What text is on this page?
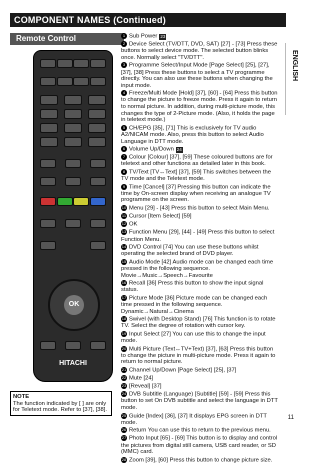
COMPONENT NAMES (Continued)
ENGLISH
Remote Control
OK
HITACHI
1 Sub Power 23
2 Device Select (TV/DTT, DVD, SAT) [27] - [73] Press these buttons to select device mode. The selected button blinks once. Normally select "TV/DTT".
3 Programme Select/Input Mode [Page Select] [25], [27], [37], [38] Press these buttons to select a TV programme directly. You can also use these buttons when changing the input mode.
4 Freeze/Multi Mode [Hold] [37], [60] - [64] Press this button to change the picture to freeze mode. Press it again to return to normal picture. In addition, during multi-picture mode, this changes the type of 2-Picture mode. (Also, it holds the page in teletext mode.)
5 CH/EPG [35], [71] This is exclusively for TV audio A2/NICAM mode. Also, press this button to select Audio Language in DTT mode.
6 Volume Up/Down 24
7 Colour [Colour] [37], [59] These coloured buttons are for teletext and other functions as detailed later in this book.
8 TV/Text [TV↔Text] [37], [59] This switches between the TV mode and the Teletext mode.
9 Time [Cancel] [37] Pressing this button can indicate the time by On-screen display when receiving an analogue TV programme on the screen.
10 Menu [29] - [43] Press this button to select Main Menu.
11 Cursor [Item Select] [59]
12 OK
13 Function Menu [29], [44] - [49] Press this button to select Function Menu.
14 DVD Control [74] You can use these buttons whilst operating the selected brand of DVD player.
15 Audio Mode [42] Audio mode can be changed each time pressed in the following sequence. Movie→Music→Speech→Favourite
16 Recall [36] Press this button to show the input signal status.
17 Picture Mode [36] Picture mode can be changed each time pressed in the following sequence. Dynamic→Natural→Cinema
18 Swivel (with Desktop Stand) [76] This function is to rotate TV. Select the degree of rotation with cursor key.
19 Input Select [27] You can use this to change the input mode.
20 Multi Picture (Text↔TV+Text) [37], [63] Press this button to change the picture in multi-picture mode. Press it again to return to normal picture.
21 Channel Up/Down [Page Select] [25], [37]
22 Mute [24]
23 [Reveal] [37]
24 DVB Subtitle (Language) [Subtitle] [59] - [59] Press this button to set On DVB subtitle and select the language in DTT mode.
25 Guide [Index] [36], [37] It displays EPG screen in DTT mode.
26 Return You can use this to return to the previous menu.
27 Photo Input [65] - [69] This button is to display and control the pictures from digital still camera, USB card reader, or SD (MMC) card.
28 Zoom [39], [60] Press this button to change picture size.
NOTE
The function indicated by [ ] are only for Teletext mode. Refer to [37], [38].
11
